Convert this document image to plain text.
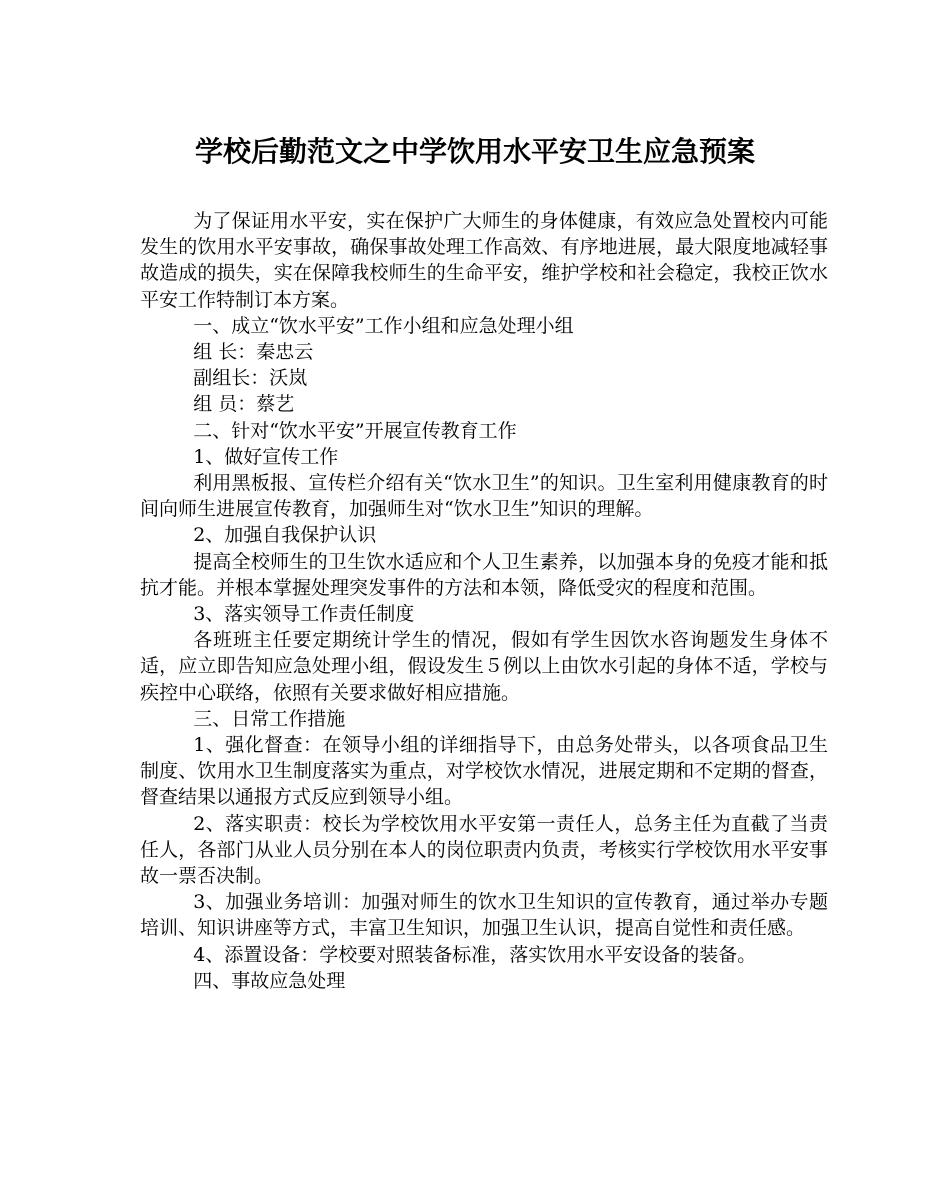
学校后勤范文之中学饮用水平安卫生应急预案

为了保证用水平安，实在保护广大师生的身体健康，有效应急处置校内可能发生的饮用水平安事故，确保事故处理工作高效、有序地进展，最大限度地减轻事故造成的损失，实在保障我校师生的生命平安，维护学校和社会稳定，我校正饮水平安工作特制订本方案。

一、成立“饮水平安”工作小组和应急处理小组

组 长：秦忠云

副组长：沃岚

组 员：蔡艺

二、针对“饮水平安”开展宣传教育工作

1、做好宣传工作

利用黑板报、宣传栏介绍有关“饮水卫生”的知识。卫生室利用健康教育的时间向师生进展宣传教育，加强师生对“饮水卫生”知识的理解。

2、加强自我保护认识

提高全校师生的卫生饮水适应和个人卫生素养，以加强本身的免疫才能和抵抗才能。并根本掌握处理突发事件的方法和本领，降低受灾的程度和范围。

3、落实领导工作责任制度

各班班主任要定期统计学生的情况，假如有学生因饮水咨询题发生身体不适，应立即告知应急处理小组，假设发生５例以上由饮水引起的身体不适，学校与疾控中心联络，依照有关要求做好相应措施。

三、日常工作措施

1、强化督查：在领导小组的详细指导下，由总务处带头，以各项食品卫生制度、饮用水卫生制度落实为重点，对学校饮水情况，进展定期和不定期的督查，督查结果以通报方式反应到领导小组。

2、落实职责：校长为学校饮用水平安第一责任人，总务主任为直截了当责任人，各部门从业人员分别在本人的岗位职责内负责，考核实行学校饮用水平安事故一票否决制。

3、加强业务培训：加强对师生的饮水卫生知识的宣传教育，通过举办专题培训、知识讲座等方式，丰富卫生知识，加强卫生认识，提高自觉性和责任感。

4、添置设备：学校要对照装备标准，落实饮用水平安设备的装备。

四、事故应急处理
